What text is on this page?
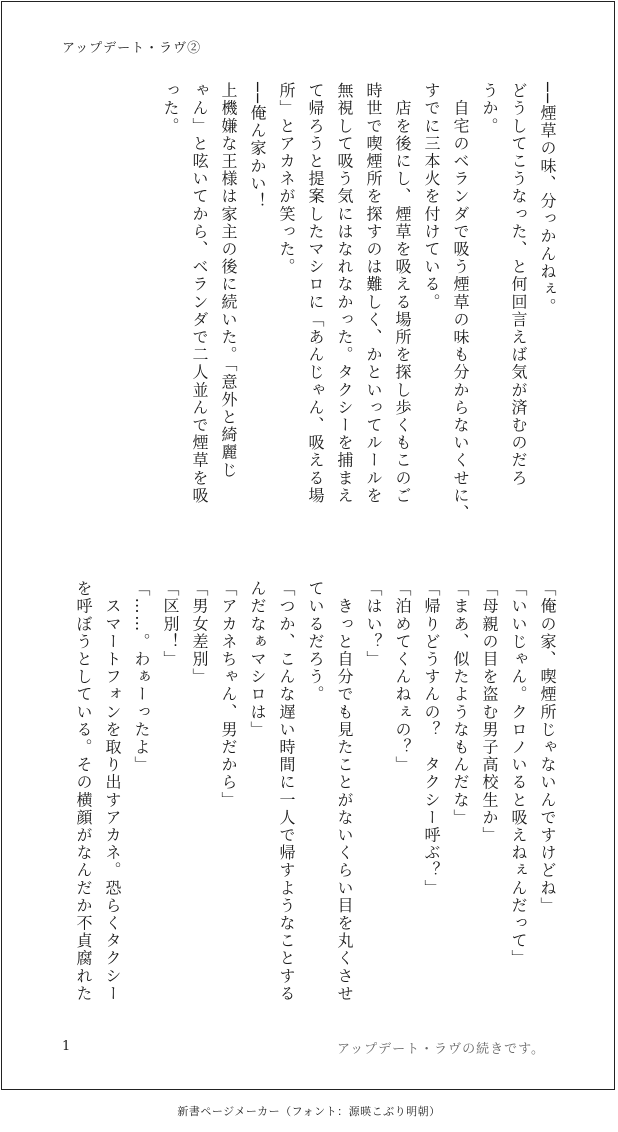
アップデート・ラヴ②

──煙草の味、分っかんねぇ。

どうしてこうなった、と何回言えば気が済むのだろ

うか。

　自宅のベランダで吸う煙草の味も分からないくせに、

すでに三本火を付けている。

　店を後にし、煙草を吸える場所を探し歩くもこのご

時世で喫煙所を探すのは難しく、かといってルールを

無視して吸う気にはなれなかった。タクシーを捕まえ

て帰ろうと提案したマシロに「あんじゃん、吸える場

所」とアカネが笑った。

──俺ん家かい！

上機嫌な王様は家主の後に続いた。「意外と綺麗じ

ゃん」と呟いてから、ベランダで二人並んで煙草を吸

った。

「俺の家、喫煙所じゃないんですけどね」

「いいじゃん。クロノいると吸えねぇんだって」

「母親の目を盗む男子高校生か」

「まあ、似たようなもんだな」

「帰りどうすんの？　タクシー呼ぶ？」

「泊めてくんねぇの？」

「はい？」

　きっと自分でも見たことがないくらい目を丸くさせ

ているだろう。

「つか、こんな遅い時間に一人で帰すようなことする

んだなぁマシロは」

「アカネちゃん、男だから」

「男女差別」

「区別！」

「……。わぁーったよ」

　スマートフォンを取り出すアカネ。恐らくタクシー

を呼ぼうとしている。その横顔がなんだか不貞腐れた

1	アップデート・ラヴの続きです。
新書ページメーカー（フォント：源暎こぶり明朝）
